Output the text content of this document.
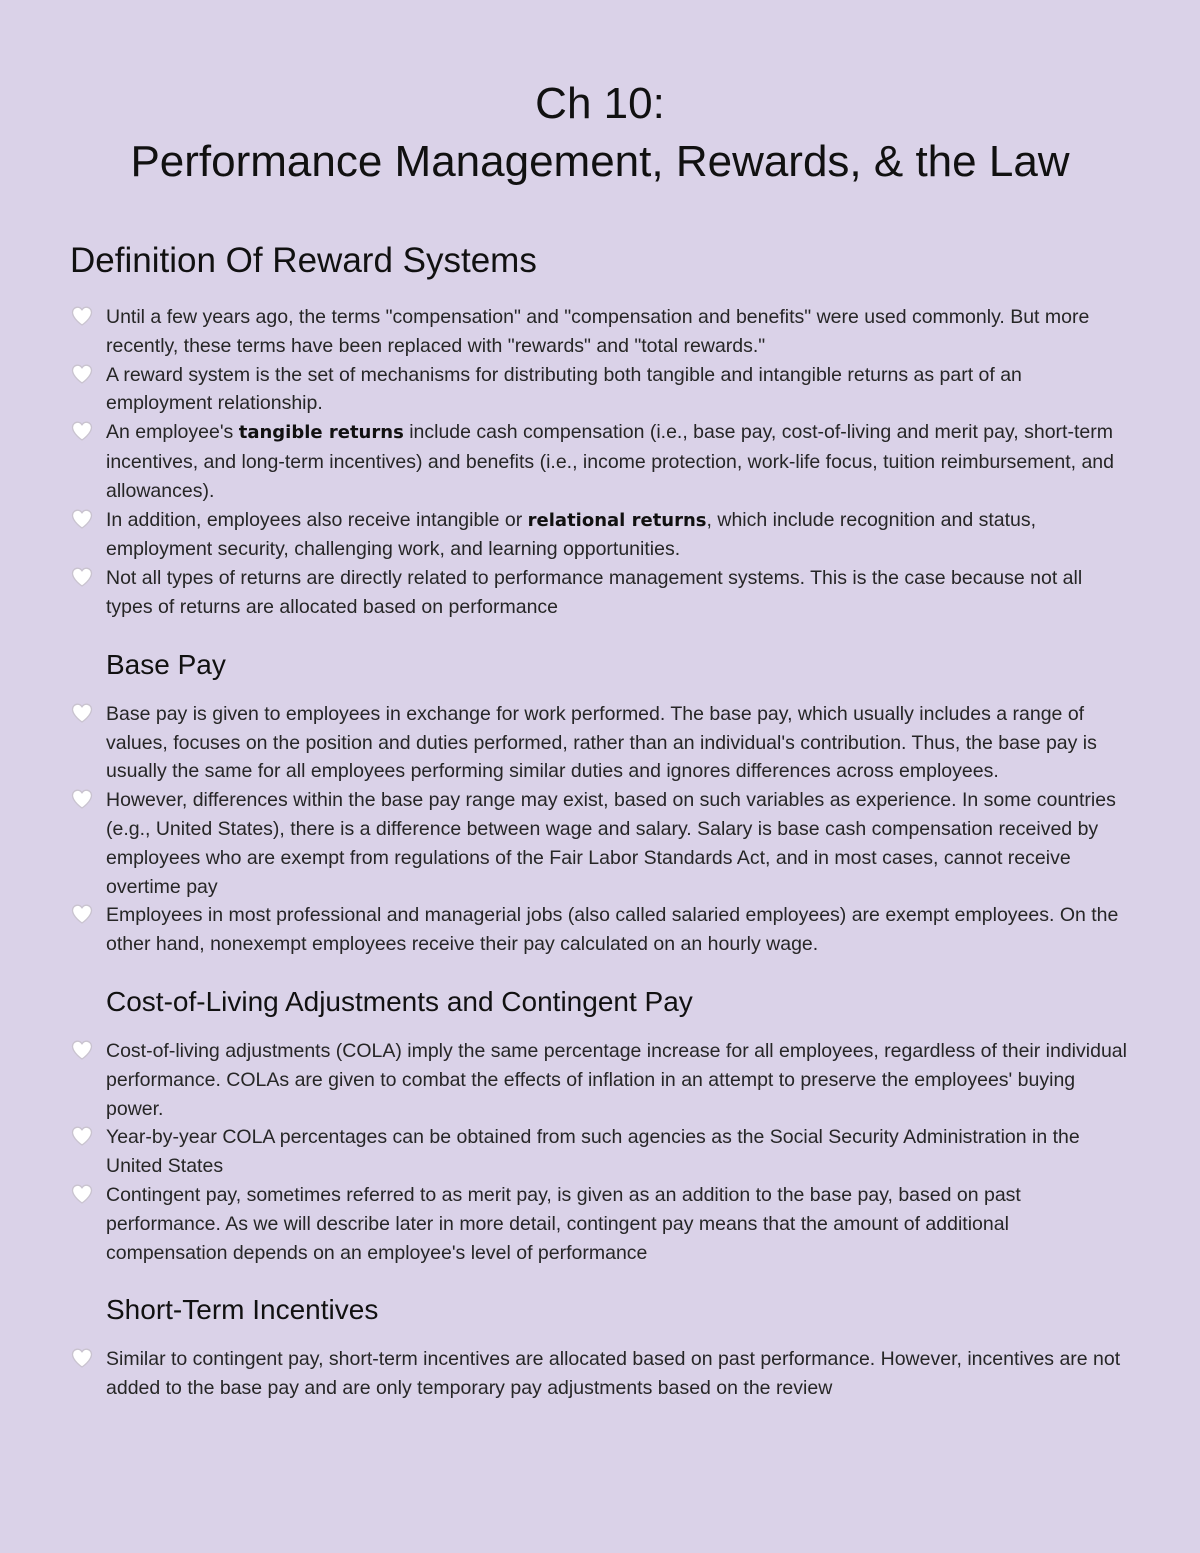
Ch 10:
Performance Management, Rewards, & the Law
Definition Of Reward Systems
Until a few years ago, the terms "compensation" and "compensation and benefits" were used commonly. But more recently, these terms have been replaced with "rewards" and "total rewards."
A reward system is the set of mechanisms for distributing both tangible and intangible returns as part of an employment relationship.
An employee's tangible returns include cash compensation (i.e., base pay, cost-of-living and merit pay, short-term incentives, and long-term incentives) and benefits (i.e., income protection, work-life focus, tuition reimbursement, and allowances).
In addition, employees also receive intangible or relational returns, which include recognition and status, employment security, challenging work, and learning opportunities.
Not all types of returns are directly related to performance management systems. This is the case because not all types of returns are allocated based on performance
Base Pay
Base pay is given to employees in exchange for work performed. The base pay, which usually includes a range of values, focuses on the position and duties performed, rather than an individual's contribution. Thus, the base pay is usually the same for all employees performing similar duties and ignores differences across employees.
However, differences within the base pay range may exist, based on such variables as experience. In some countries (e.g., United States), there is a difference between wage and salary. Salary is base cash compensation received by employees who are exempt from regulations of the Fair Labor Standards Act, and in most cases, cannot receive overtime pay
Employees in most professional and managerial jobs (also called salaried employees) are exempt employees. On the other hand, nonexempt employees receive their pay calculated on an hourly wage.
Cost-of-Living Adjustments and Contingent Pay
Cost-of-living adjustments (COLA) imply the same percentage increase for all employees, regardless of their individual performance. COLAs are given to combat the effects of inflation in an attempt to preserve the employees' buying power.
Year-by-year COLA percentages can be obtained from such agencies as the Social Security Administration in the United States
Contingent pay, sometimes referred to as merit pay, is given as an addition to the base pay, based on past performance. As we will describe later in more detail, contingent pay means that the amount of additional compensation depends on an employee's level of performance
Short-Term Incentives
Similar to contingent pay, short-term incentives are allocated based on past performance. However, incentives are not added to the base pay and are only temporary pay adjustments based on the review
